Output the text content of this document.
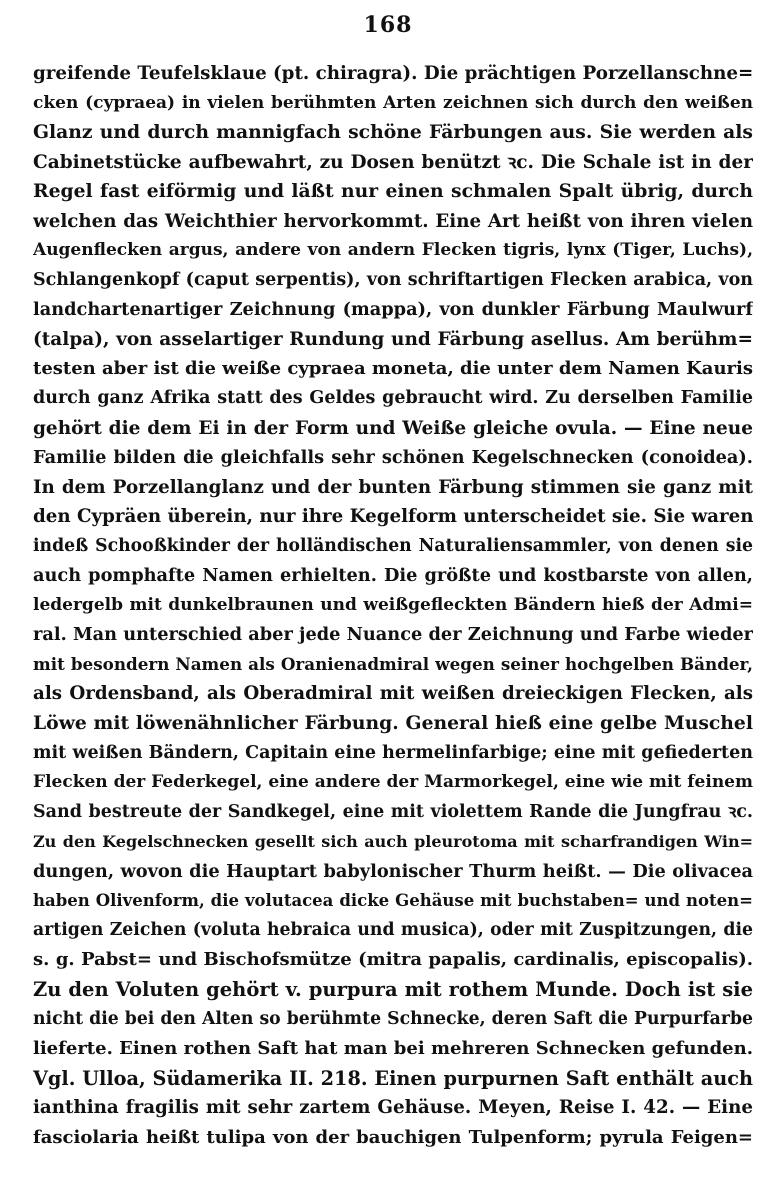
168
greifende Teufelsklaue (pt. chiragra). Die prächtigen Porzellanschne=
cken (cypraea) in vielen berühmten Arten zeichnen sich durch den weißen
Glanz und durch mannigfach schöne Färbungen aus. Sie werden als
Cabinetstücke aufbewahrt, zu Dosen benützt ꝛc. Die Schale ist in der
Regel fast eiförmig und läßt nur einen schmalen Spalt übrig, durch
welchen das Weichthier hervorkommt. Eine Art heißt von ihren vielen
Augenflecken argus, andere von andern Flecken tigris, lynx (Tiger, Luchs),
Schlangenkopf (caput serpentis), von schriftartigen Flecken arabica, von
landchartenartiger Zeichnung (mappa), von dunkler Färbung Maulwurf
(talpa), von asselartiger Rundung und Färbung asellus. Am berühm=
testen aber ist die weiße cypraea moneta, die unter dem Namen Kauris
durch ganz Afrika statt des Geldes gebraucht wird. Zu derselben Familie
gehört die dem Ei in der Form und Weiße gleiche ovula. — Eine neue
Familie bilden die gleichfalls sehr schönen Kegelschnecken (conoidea).
In dem Porzellanglanz und der bunten Färbung stimmen sie ganz mit
den Cypräen überein, nur ihre Kegelform unterscheidet sie. Sie waren
indeß Schooßkinder der holländischen Naturaliensammler, von denen sie
auch pomphafte Namen erhielten. Die größte und kostbarste von allen,
ledergelb mit dunkelbraunen und weißgefleckten Bändern hieß der Admi=
ral. Man unterschied aber jede Nuance der Zeichnung und Farbe wieder
mit besondern Namen als Oranienadmiral wegen seiner hochgelben Bänder,
als Ordensband, als Oberadmiral mit weißen dreieckigen Flecken, als
Löwe mit löwenähnlicher Färbung. General hieß eine gelbe Muschel
mit weißen Bändern, Capitain eine hermelinfarbige; eine mit gefiederten
Flecken der Federkegel, eine andere der Marmorkegel, eine wie mit feinem
Sand bestreute der Sandkegel, eine mit violettem Rande die Jungfrau ꝛc.
Zu den Kegelschnecken gesellt sich auch pleurotoma mit scharfrandigen Win=
dungen, wovon die Hauptart babylonischer Thurm heißt. — Die olivacea
haben Olivenform, die volutacea dicke Gehäuse mit buchstaben= und noten=
artigen Zeichen (voluta hebraica und musica), oder mit Zuspitzungen, die
s. g. Pabst= und Bischofsmütze (mitra papalis, cardinalis, episcopalis).
Zu den Voluten gehört v. purpura mit rothem Munde. Doch ist sie
nicht die bei den Alten so berühmte Schnecke, deren Saft die Purpurfarbe
lieferte. Einen rothen Saft hat man bei mehreren Schnecken gefunden.
Vgl. Ulloa, Südamerika II. 218. Einen purpurnen Saft enthält auch
ianthina fragilis mit sehr zartem Gehäuse. Meyen, Reise I. 42. — Eine
fasciolaria heißt tulipa von der bauchigen Tulpenform; pyrula Feigen=
